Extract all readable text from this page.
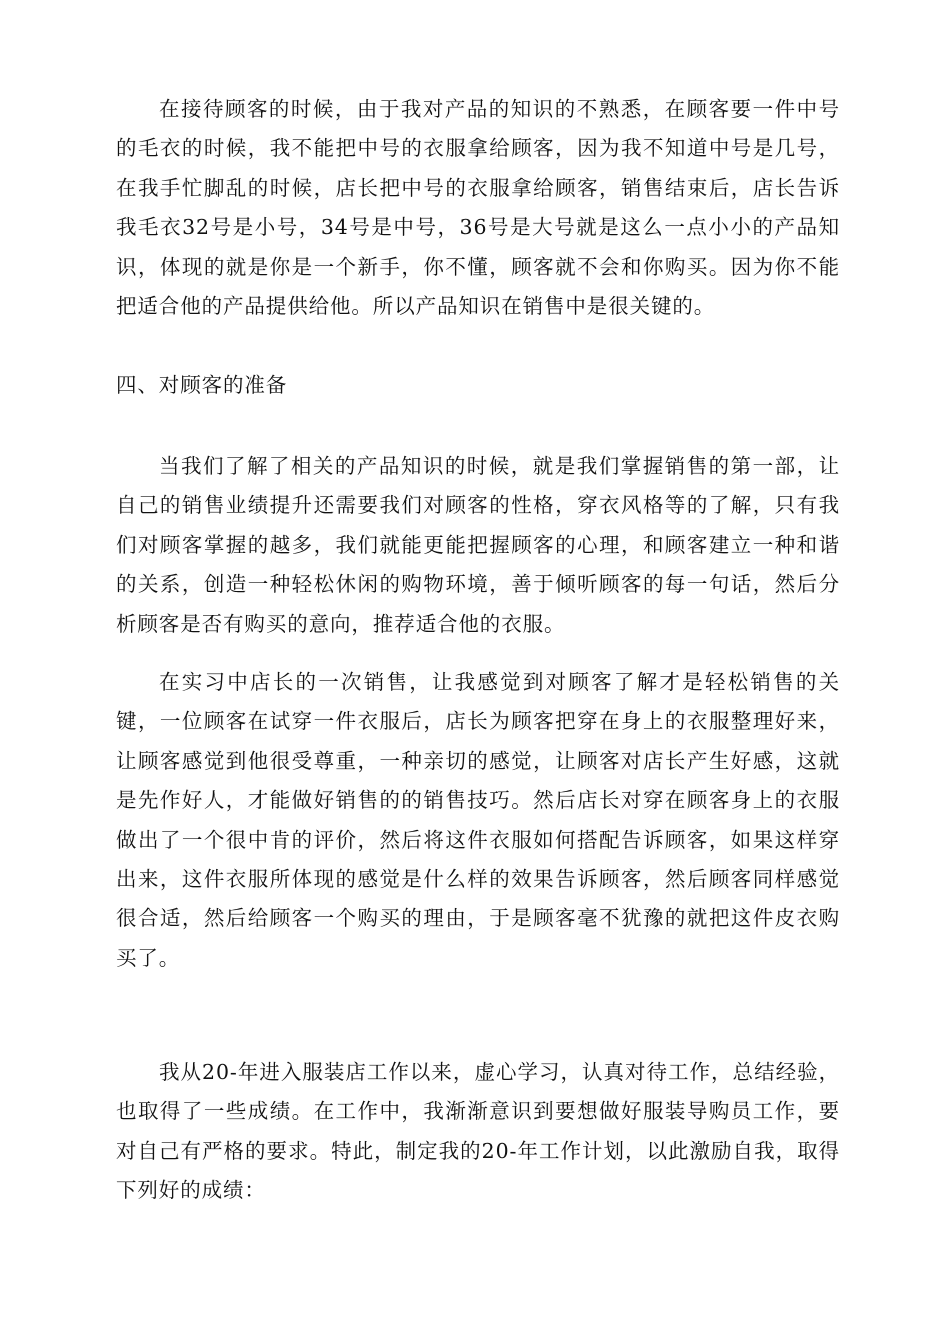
在接待顾客的时候，由于我对产品的知识的不熟悉，在顾客要一件中号的毛衣的时候，我不能把中号的衣服拿给顾客，因为我不知道中号是几号，在我手忙脚乱的时候，店长把中号的衣服拿给顾客，销售结束后，店长告诉我毛衣32号是小号，34号是中号，36号是大号就是这么一点小小的产品知识，体现的就是你是一个新手，你不懂，顾客就不会和你购买。因为你不能把适合他的产品提供给他。所以产品知识在销售中是很关键的。

四、对顾客的准备

当我们了解了相关的产品知识的时候，就是我们掌握销售的第一部，让自己的销售业绩提升还需要我们对顾客的性格，穿衣风格等的了解，只有我们对顾客掌握的越多，我们就能更能把握顾客的心理，和顾客建立一种和谐的关系，创造一种轻松休闲的购物环境，善于倾听顾客的每一句话，然后分析顾客是否有购买的意向，推荐适合他的衣服。

在实习中店长的一次销售，让我感觉到对顾客了解才是轻松销售的关键，一位顾客在试穿一件衣服后，店长为顾客把穿在身上的衣服整理好来，让顾客感觉到他很受尊重，一种亲切的感觉，让顾客对店长产生好感，这就是先作好人，才能做好销售的的销售技巧。然后店长对穿在顾客身上的衣服做出了一个很中肯的评价，然后将这件衣服如何搭配告诉顾客，如果这样穿出来，这件衣服所体现的感觉是什么样的效果告诉顾客，然后顾客同样感觉很合适，然后给顾客一个购买的理由，于是顾客毫不犹豫的就把这件皮衣购买了。

我从20-年进入服装店工作以来，虚心学习，认真对待工作，总结经验，也取得了一些成绩。在工作中，我渐渐意识到要想做好服装导购员工作，要对自己有严格的要求。特此，制定我的20-年工作计划，以此激励自我，取得下列好的成绩：
